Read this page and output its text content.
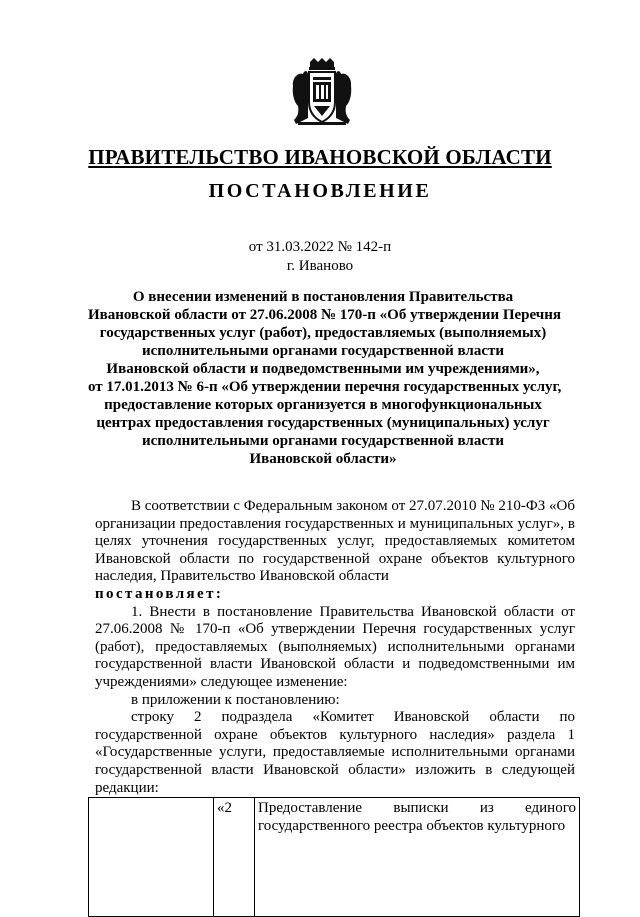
ПРАВИТЕЛЬСТВО ИВАНОВСКОЙ ОБЛАСТИ
ПОСТАНОВЛЕНИЕ
от 31.03.2022 № 142-п
г. Иваново
О внесении изменений в постановления Правительства
Ивановской области от 27.06.2008 № 170-п «Об утверждении Перечня
государственных услуг (работ), предоставляемых (выполняемых)
исполнительными органами государственной власти
Ивановской области и подведомственными им учреждениями»,
от 17.01.2013 № 6-п «Об утверждении перечня государственных услуг,
предоставление которых организуется в многофункциональных
центрах предоставления государственных (муниципальных) услуг
исполнительными органами государственной власти
Ивановской области»

В соответствии с Федеральным законом от 27.07.2010 № 210-ФЗ «Об организации предоставления государственных и муниципальных услуг», в целях уточнения государственных услуг, предоставляемых комитетом Ивановской области по государственной охране объектов культурного наследия, Правительство Ивановской области

постановляет:

1. Внести в постановление Правительства Ивановской области от 27.06.2008 № 170-п «Об утверждении Перечня государственных услуг (работ), предоставляемых (выполняемых) исполнительными органами государственной власти Ивановской области и подведомственными им учреждениями» следующее изменение:

в приложении к постановлению:

строку 2 подраздела «Комитет Ивановской области по государственной охране объектов культурного наследия» раздела 1 «Государственные услуги, предоставляемые исполнительными органами государственной власти Ивановской области» изложить в следующей редакции:

	«2	Предоставление выписки из единого государственного реестра объектов культурного
